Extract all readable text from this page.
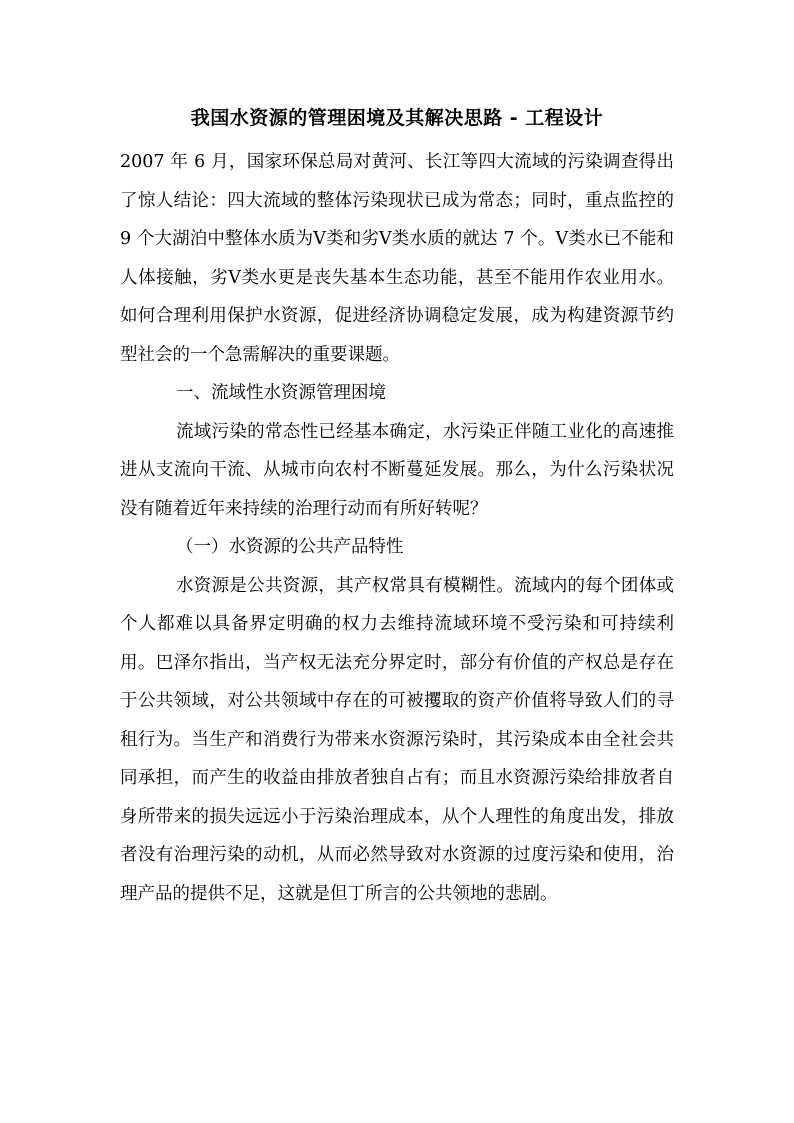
我国水资源的管理困境及其解决思路 - 工程设计

2007 年 6 月，国家环保总局对黄河、长江等四大流域的污染调查得出了惊人结论：四大流域的整体污染现状已成为常态；同时，重点监控的 9 个大湖泊中整体水质为Ⅴ类和劣Ⅴ类水质的就达 7 个。Ⅴ类水已不能和人体接触，劣Ⅴ类水更是丧失基本生态功能，甚至不能用作农业用水。如何合理利用保护水资源，促进经济协调稳定发展，成为构建资源节约型社会的一个急需解决的重要课题。

一、流域性水资源管理困境

流域污染的常态性已经基本确定，水污染正伴随工业化的高速推进从支流向干流、从城市向农村不断蔓延发展。那么，为什么污染状况没有随着近年来持续的治理行动而有所好转呢？

（一）水资源的公共产品特性

水资源是公共资源，其产权常具有模糊性。流域内的每个团体或个人都难以具备界定明确的权力去维持流域环境不受污染和可持续利用。巴泽尔指出，当产权无法充分界定时，部分有价值的产权总是存在于公共领域，对公共领域中存在的可被攫取的资产价值将导致人们的寻租行为。当生产和消费行为带来水资源污染时，其污染成本由全社会共同承担，而产生的收益由排放者独自占有；而且水资源污染给排放者自身所带来的损失远远小于污染治理成本，从个人理性的角度出发，排放者没有治理污染的动机，从而必然导致对水资源的过度污染和使用，治理产品的提供不足，这就是但丁所言的公共领地的悲剧。
